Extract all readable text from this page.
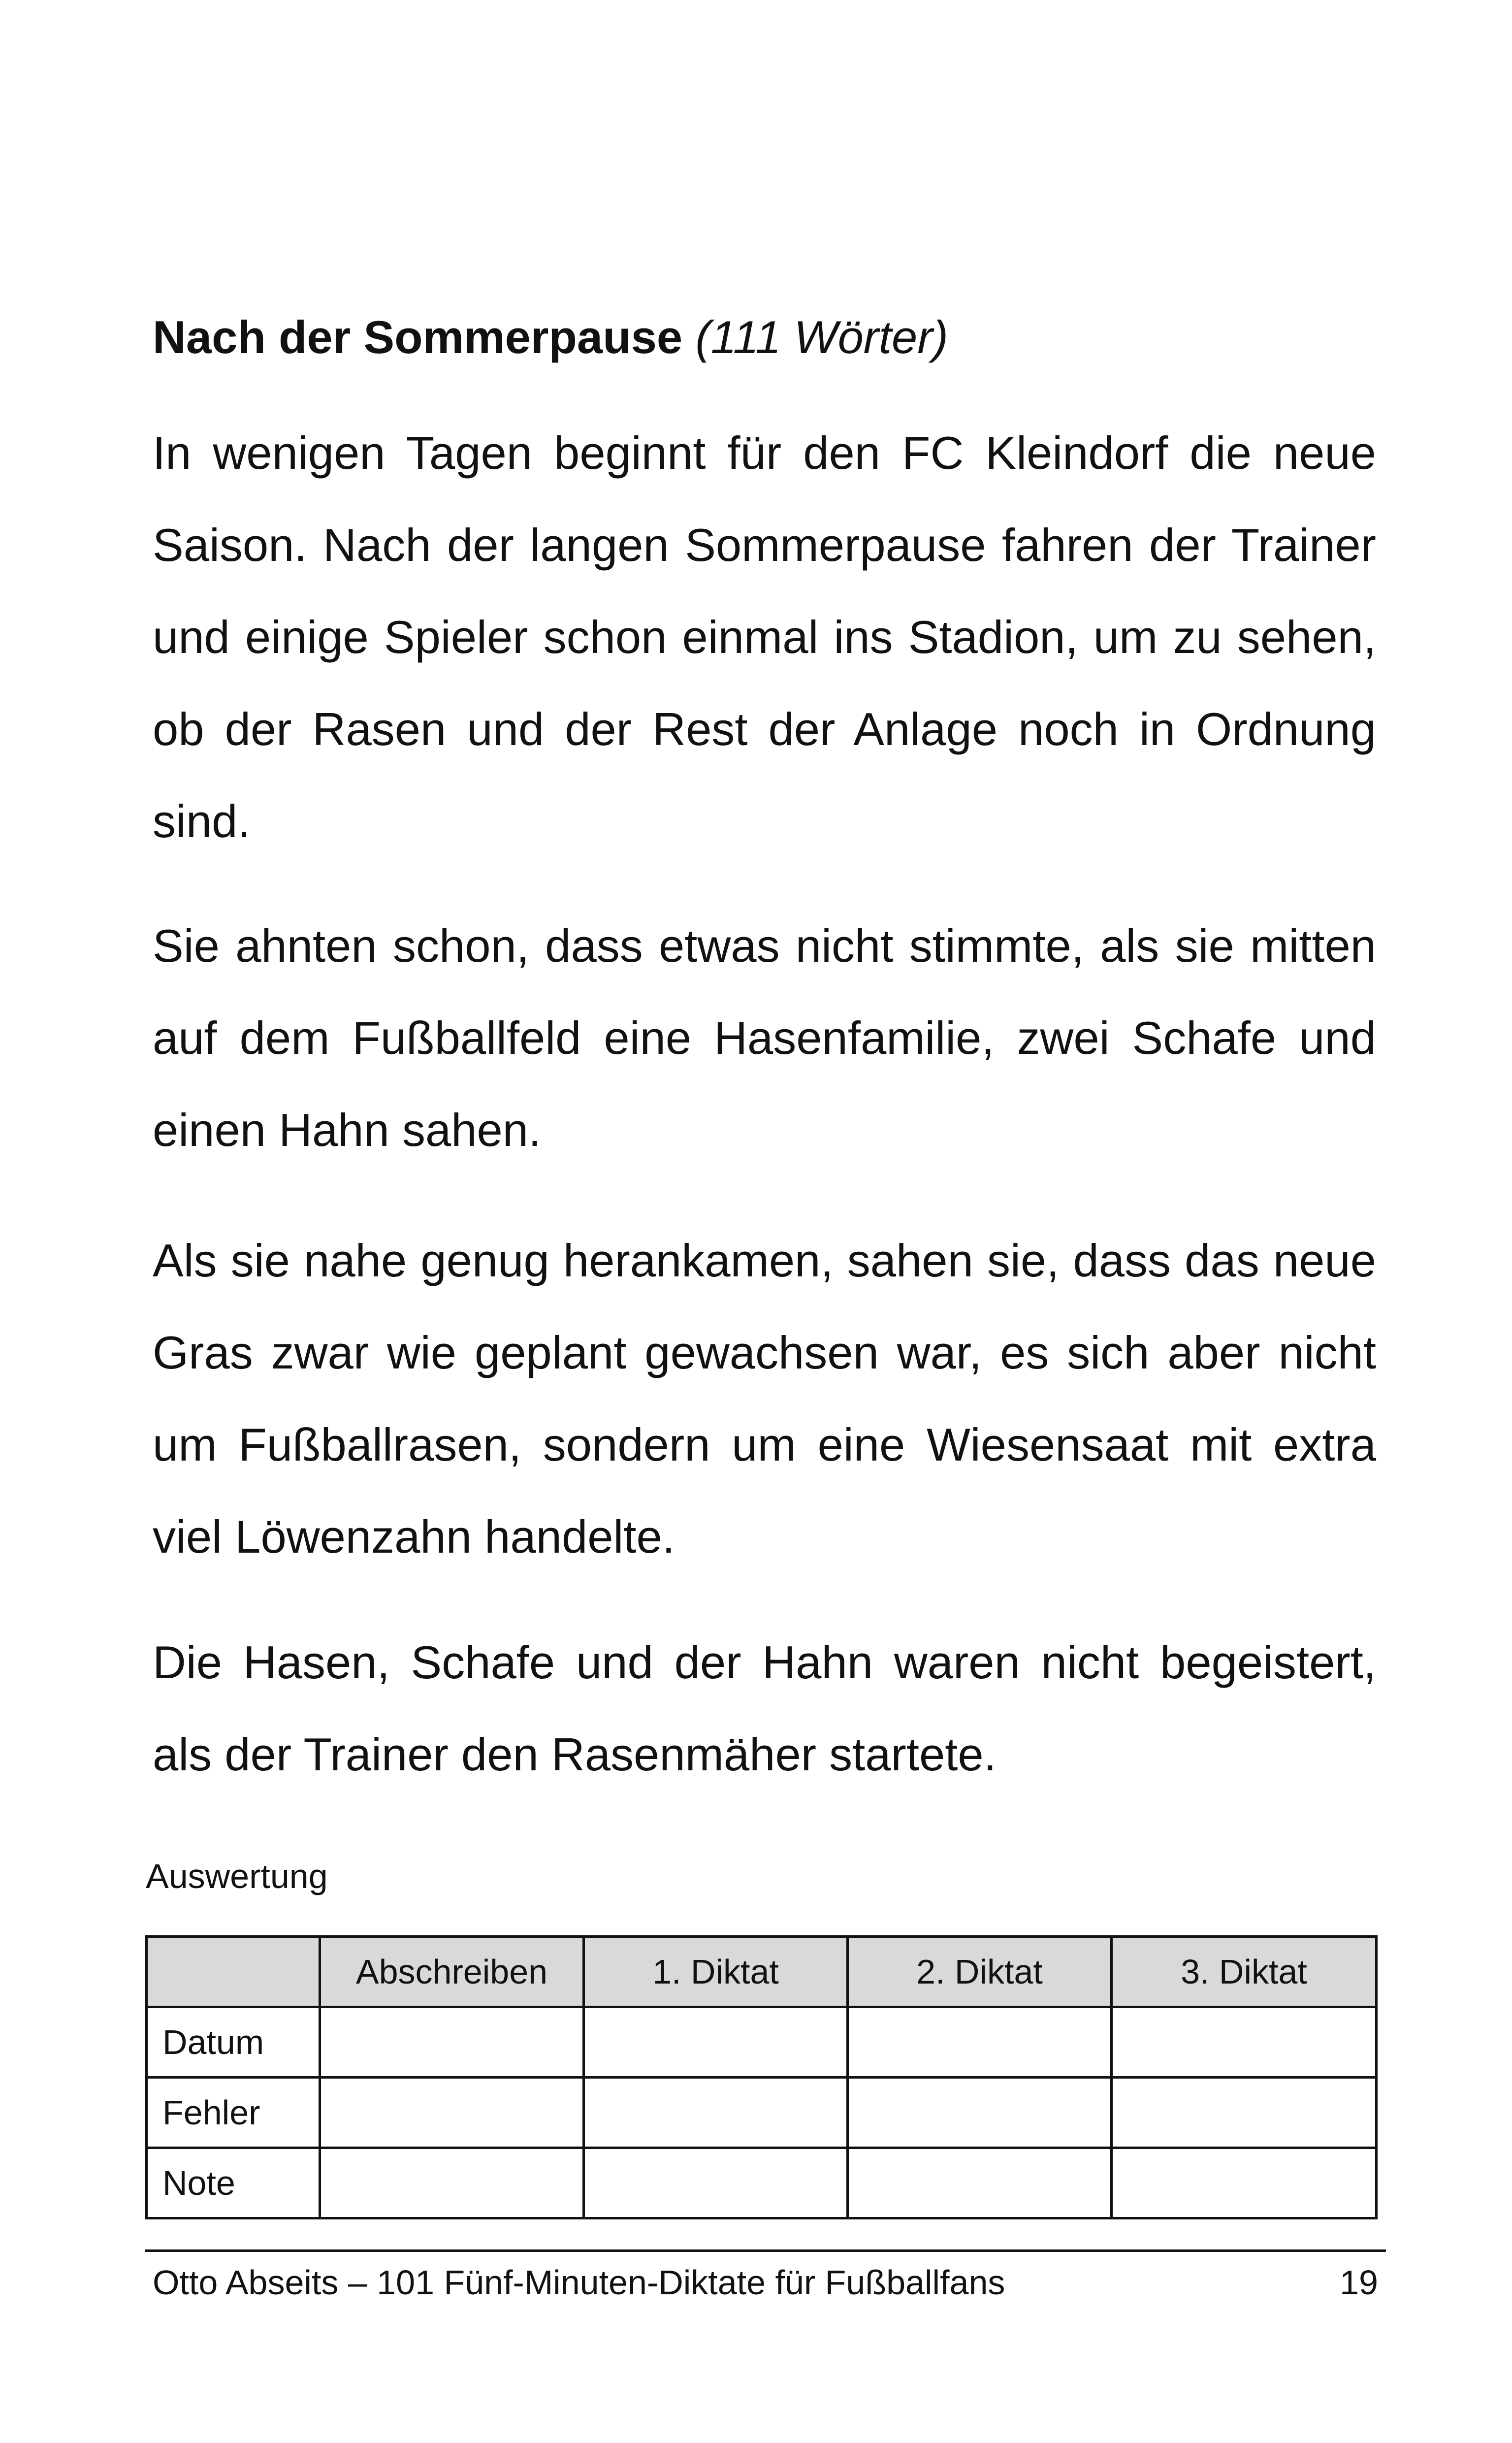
Nach der Sommerpause (111 Wörter)

In wenigen Tagen beginnt für den FC Kleindorf die neue Saison. Nach der langen Sommerpause fahren der Trainer und einige Spieler schon einmal ins Stadion, um zu sehen, ob der Rasen und der Rest der Anlage noch in Ordnung sind.

Sie ahnten schon, dass etwas nicht stimmte, als sie mitten auf dem Fußballfeld eine Hasenfamilie, zwei Schafe und einen Hahn sahen.

Als sie nahe genug herankamen, sahen sie, dass das neue Gras zwar wie geplant gewachsen war, es sich aber nicht um Fußballrasen, sondern um eine Wiesensaat mit extra viel Löwenzahn handelte.

Die Hasen, Schafe und der Hahn waren nicht begeistert, als der Trainer den Rasenmäher startete.

Auswertung
	Abschreiben	1. Diktat	2. Diktat	3. Diktat
Datum				
Fehler				
Note				
Otto Abseits – 101 Fünf-Minuten-Diktate für Fußballfans	19
